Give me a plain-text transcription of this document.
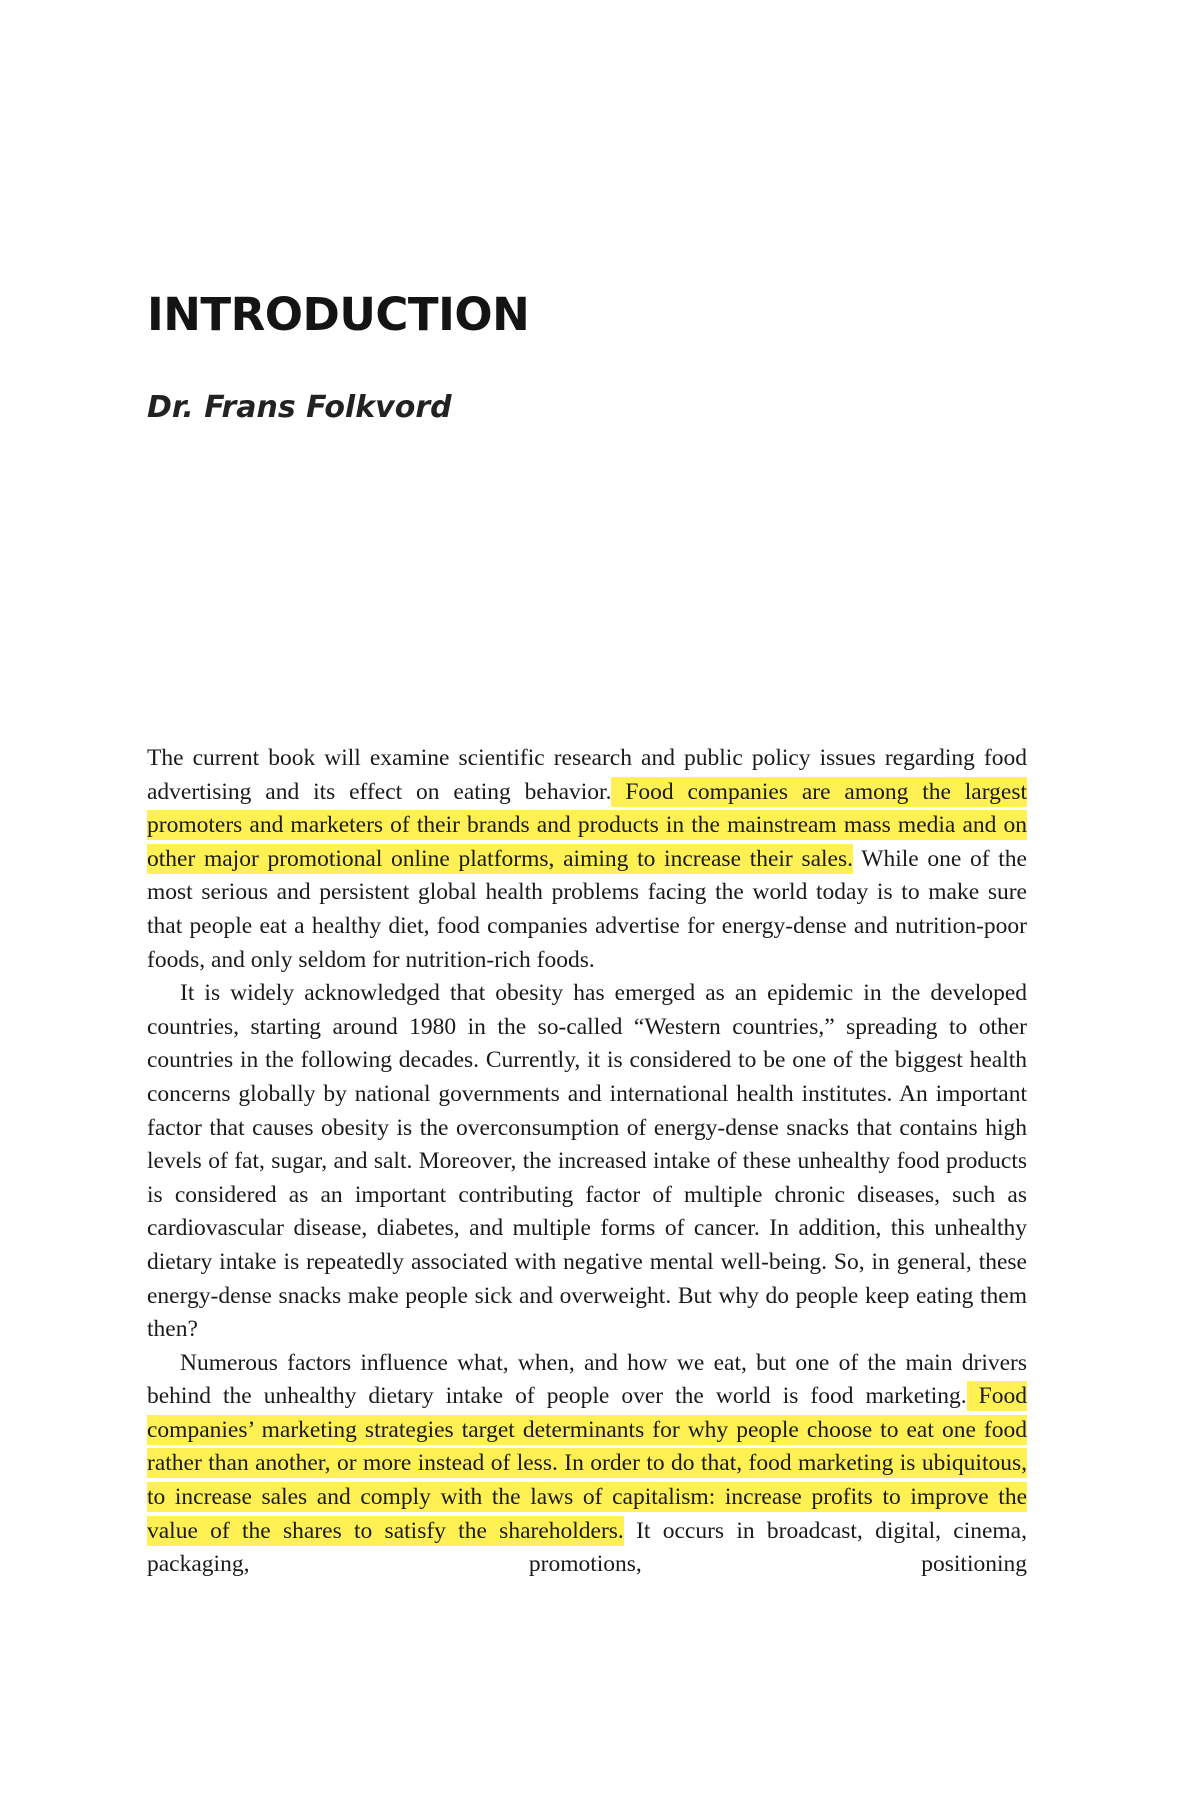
INTRODUCTION
Dr. Frans Folkvord

The current book will examine scientific research and public policy issues regarding food advertising and its effect on eating behavior. Food companies are among the largest promoters and marketers of their brands and products in the mainstream mass media and on other major promotional online platforms, aiming to increase their sales. While one of the most serious and persistent global health problems facing the world today is to make sure that people eat a healthy diet, food companies advertise for energy-dense and nutrition-poor foods, and only seldom for nutrition-rich foods.

It is widely acknowledged that obesity has emerged as an epidemic in the developed countries, starting around 1980 in the so-called “Western countries,” spreading to other countries in the following decades. Currently, it is considered to be one of the biggest health concerns globally by national governments and international health institutes. An important factor that causes obesity is the overconsumption of energy-dense snacks that contains high levels of fat, sugar, and salt. Moreover, the increased intake of these unhealthy food products is considered as an important contributing factor of multiple chronic diseases, such as cardiovascular disease, diabetes, and multiple forms of cancer. In addition, this unhealthy dietary intake is repeatedly associated with negative mental well-being. So, in general, these energy-dense snacks make people sick and overweight. But why do people keep eating them then?

Numerous factors influence what, when, and how we eat, but one of the main drivers behind the unhealthy dietary intake of people over the world is food marketing. Food companies’ marketing strategies target determinants for why people choose to eat one food rather than another, or more instead of less. In order to do that, food marketing is ubiquitous, to increase sales and comply with the laws of capitalism: increase profits to improve the value of the shares to satisfy the shareholders. It occurs in broadcast, digital, cinema, packaging, promotions, positioning
